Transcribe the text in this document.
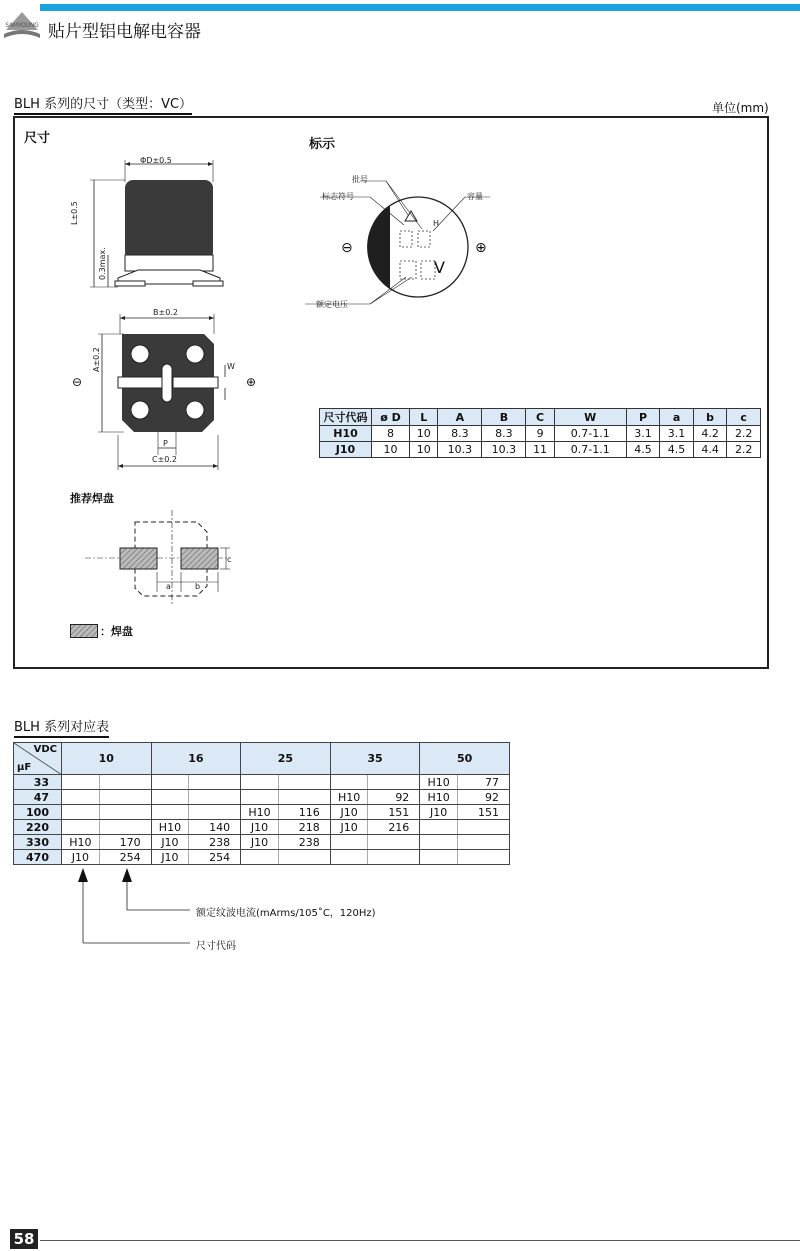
SAMYOUNG 贴片型铝电解电容器
BLH 系列的尺寸（类型：VC）	单位(mm)
尺寸	标示
ΦD±0.5
L±0.5
0.3max.
B±0.2
A±0.2	W
P
C±0.2
⊖	⊕
批号
标志符号	容量
H
V
额定电压
⊖	⊕
尺寸代码	ø D	L	A	B	C	W	P	a	b	c
H10	8	10	8.3	8.3	9	0.7-1.1	3.1	3.1	4.2	2.2
J10	10	10	10.3	10.3	11	0.7-1.1	4.5	4.5	4.4	2.2
推荐焊盘
a	b
c
：焊盘
BLH 系列对应表
VDC
μF	10		16		25		35		50	
33									H10	77
47							H10	92	H10	92
100					H10	116	J10	151	J10	151
220			H10	140	J10	218	J10	216		
330	H10	170	J10	238	J10	238				
470	J10	254	J10	254						
额定纹波电流(mArms/105˚C，120Hz)
尺寸代码
58
